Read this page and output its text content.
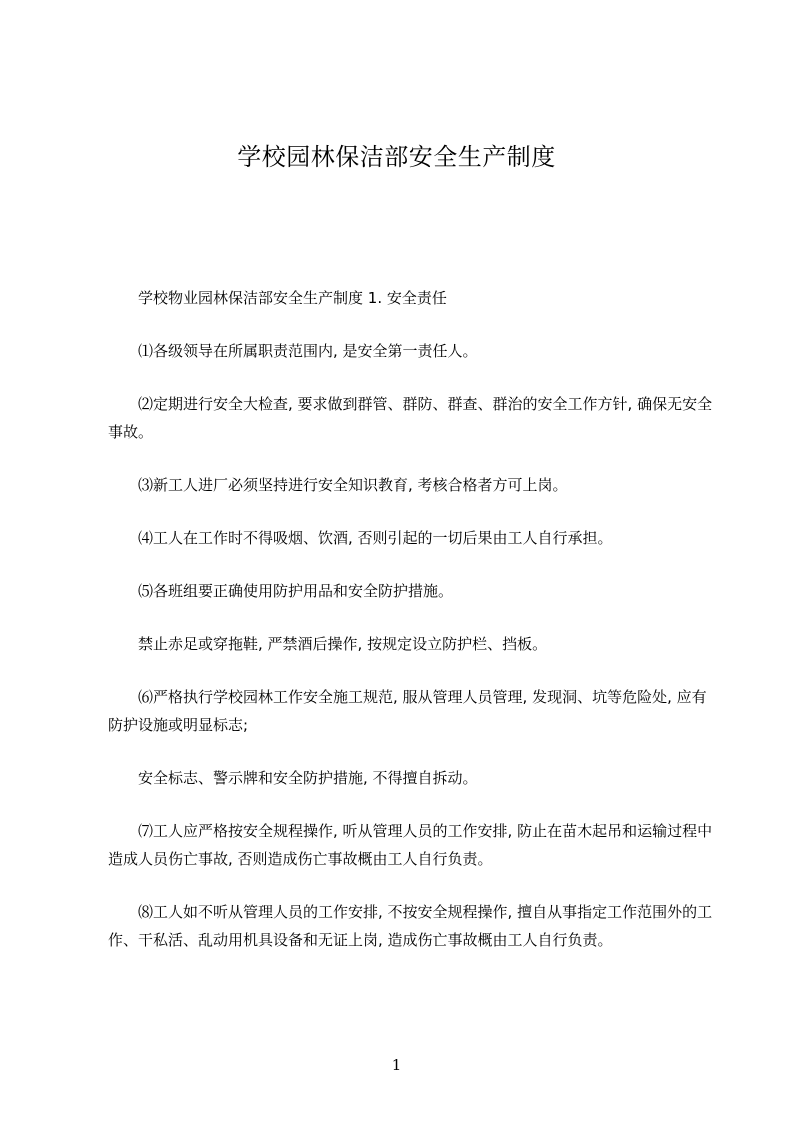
学校园林保洁部安全生产制度

学校物业园林保洁部安全生产制度 1. 安全责任

⑴各级领导在所属职责范围内, 是安全第一责任人。

⑵定期进行安全大检查, 要求做到群管、群防、群查、群治的安全工作方针, 确保无安全事故。

⑶新工人进厂必须坚持进行安全知识教育, 考核合格者方可上岗。

⑷工人在工作时不得吸烟、饮酒, 否则引起的一切后果由工人自行承担。

⑸各班组要正确使用防护用品和安全防护措施。

禁止赤足或穿拖鞋, 严禁酒后操作, 按规定设立防护栏、挡板。

⑹严格执行学校园林工作安全施工规范, 服从管理人员管理, 发现洞、坑等危险处, 应有防护设施或明显标志;

安全标志、警示牌和安全防护措施, 不得擅自拆动。

⑺工人应严格按安全规程操作, 听从管理人员的工作安排, 防止在苗木起吊和运输过程中造成人员伤亡事故, 否则造成伤亡事故概由工人自行负责。

⑻工人如不听从管理人员的工作安排, 不按安全规程操作, 擅自从事指定工作范围外的工作、干私活、乱动用机具设备和无证上岗, 造成伤亡事故概由工人自行负责。

1
